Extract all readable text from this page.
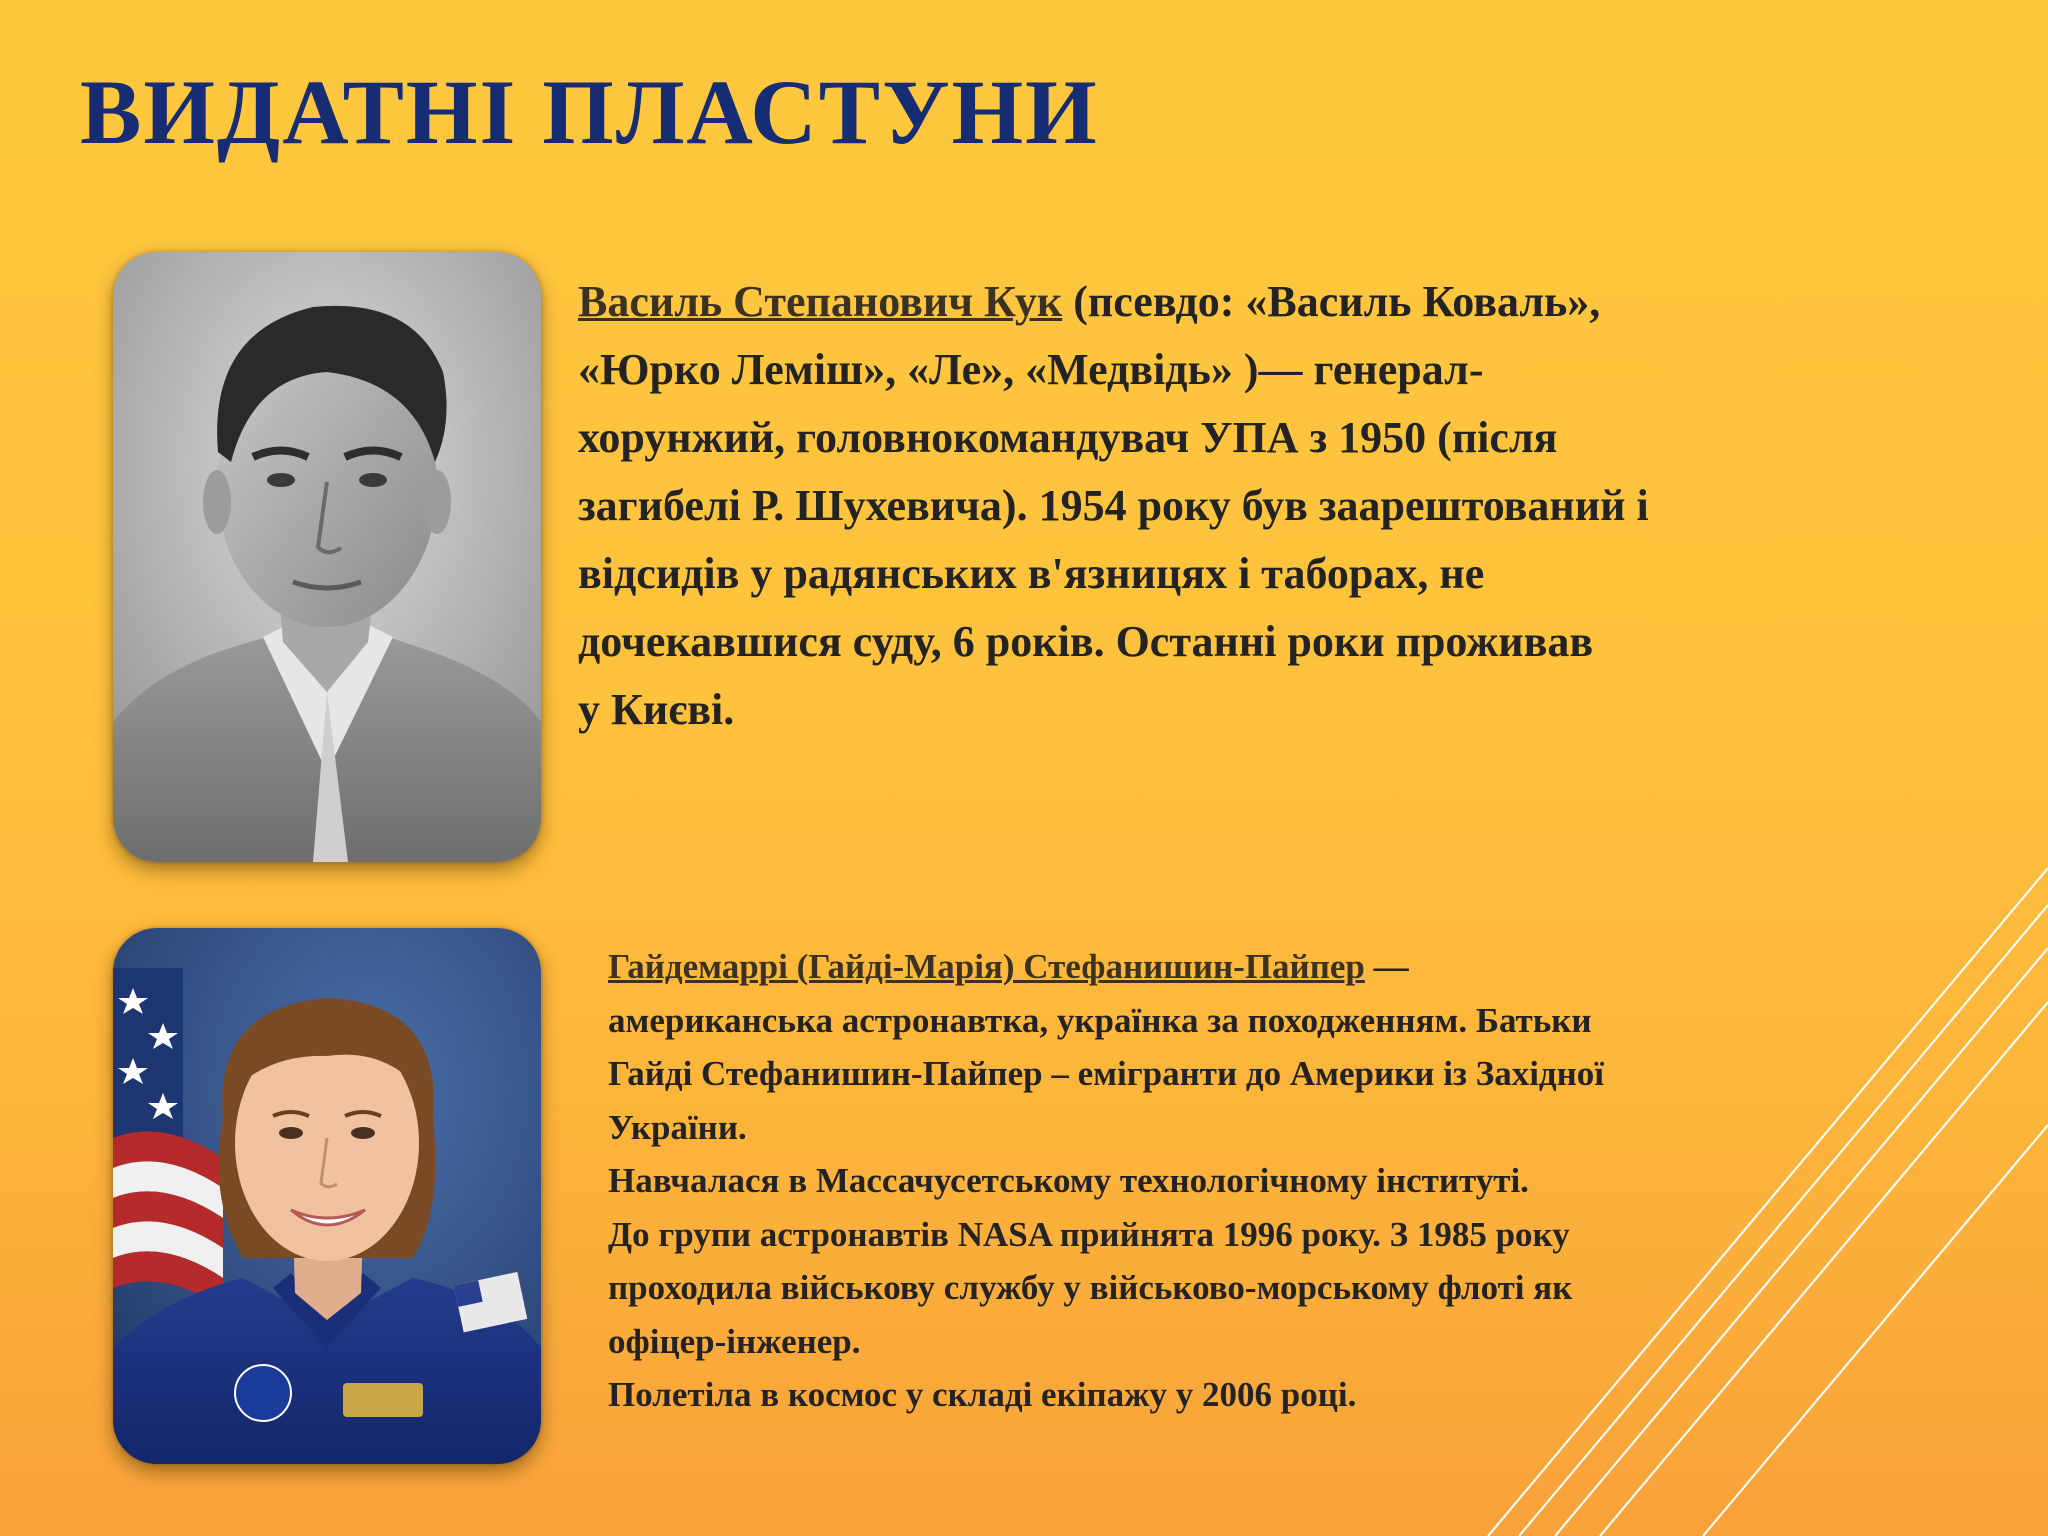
ВИДАТНІ ПЛАСТУНИ

Василь Степанович Кук (псевдо: «Василь Коваль»,
«Юрко Леміш», «Ле», «Медвідь» )— генерал-
хорунжий, головнокомандувач УПА з 1950 (після
загибелі Р. Шухевича). 1954 року був заарештований і
відсидів у радянських в'язницях і таборах, не
дочекавшися суду, 6 років. Останні роки проживав
у Києві.

Гайдемаррі (Гайді-Марія) Стефанишин-Пайпер —
американська астронавтка, українка за походженням. Батьки
Гайді Стефанишин-Пайпер – емігранти до Америки із Західної
України.
Навчалася в Массачусетському технологічному інституті.
До групи астронавтів NASA прийнята 1996 року. З 1985 року
проходила військову службу у військово-морському флоті як
офіцер-інженер.
Полетіла в космос у складі екіпажу у 2006 році.
